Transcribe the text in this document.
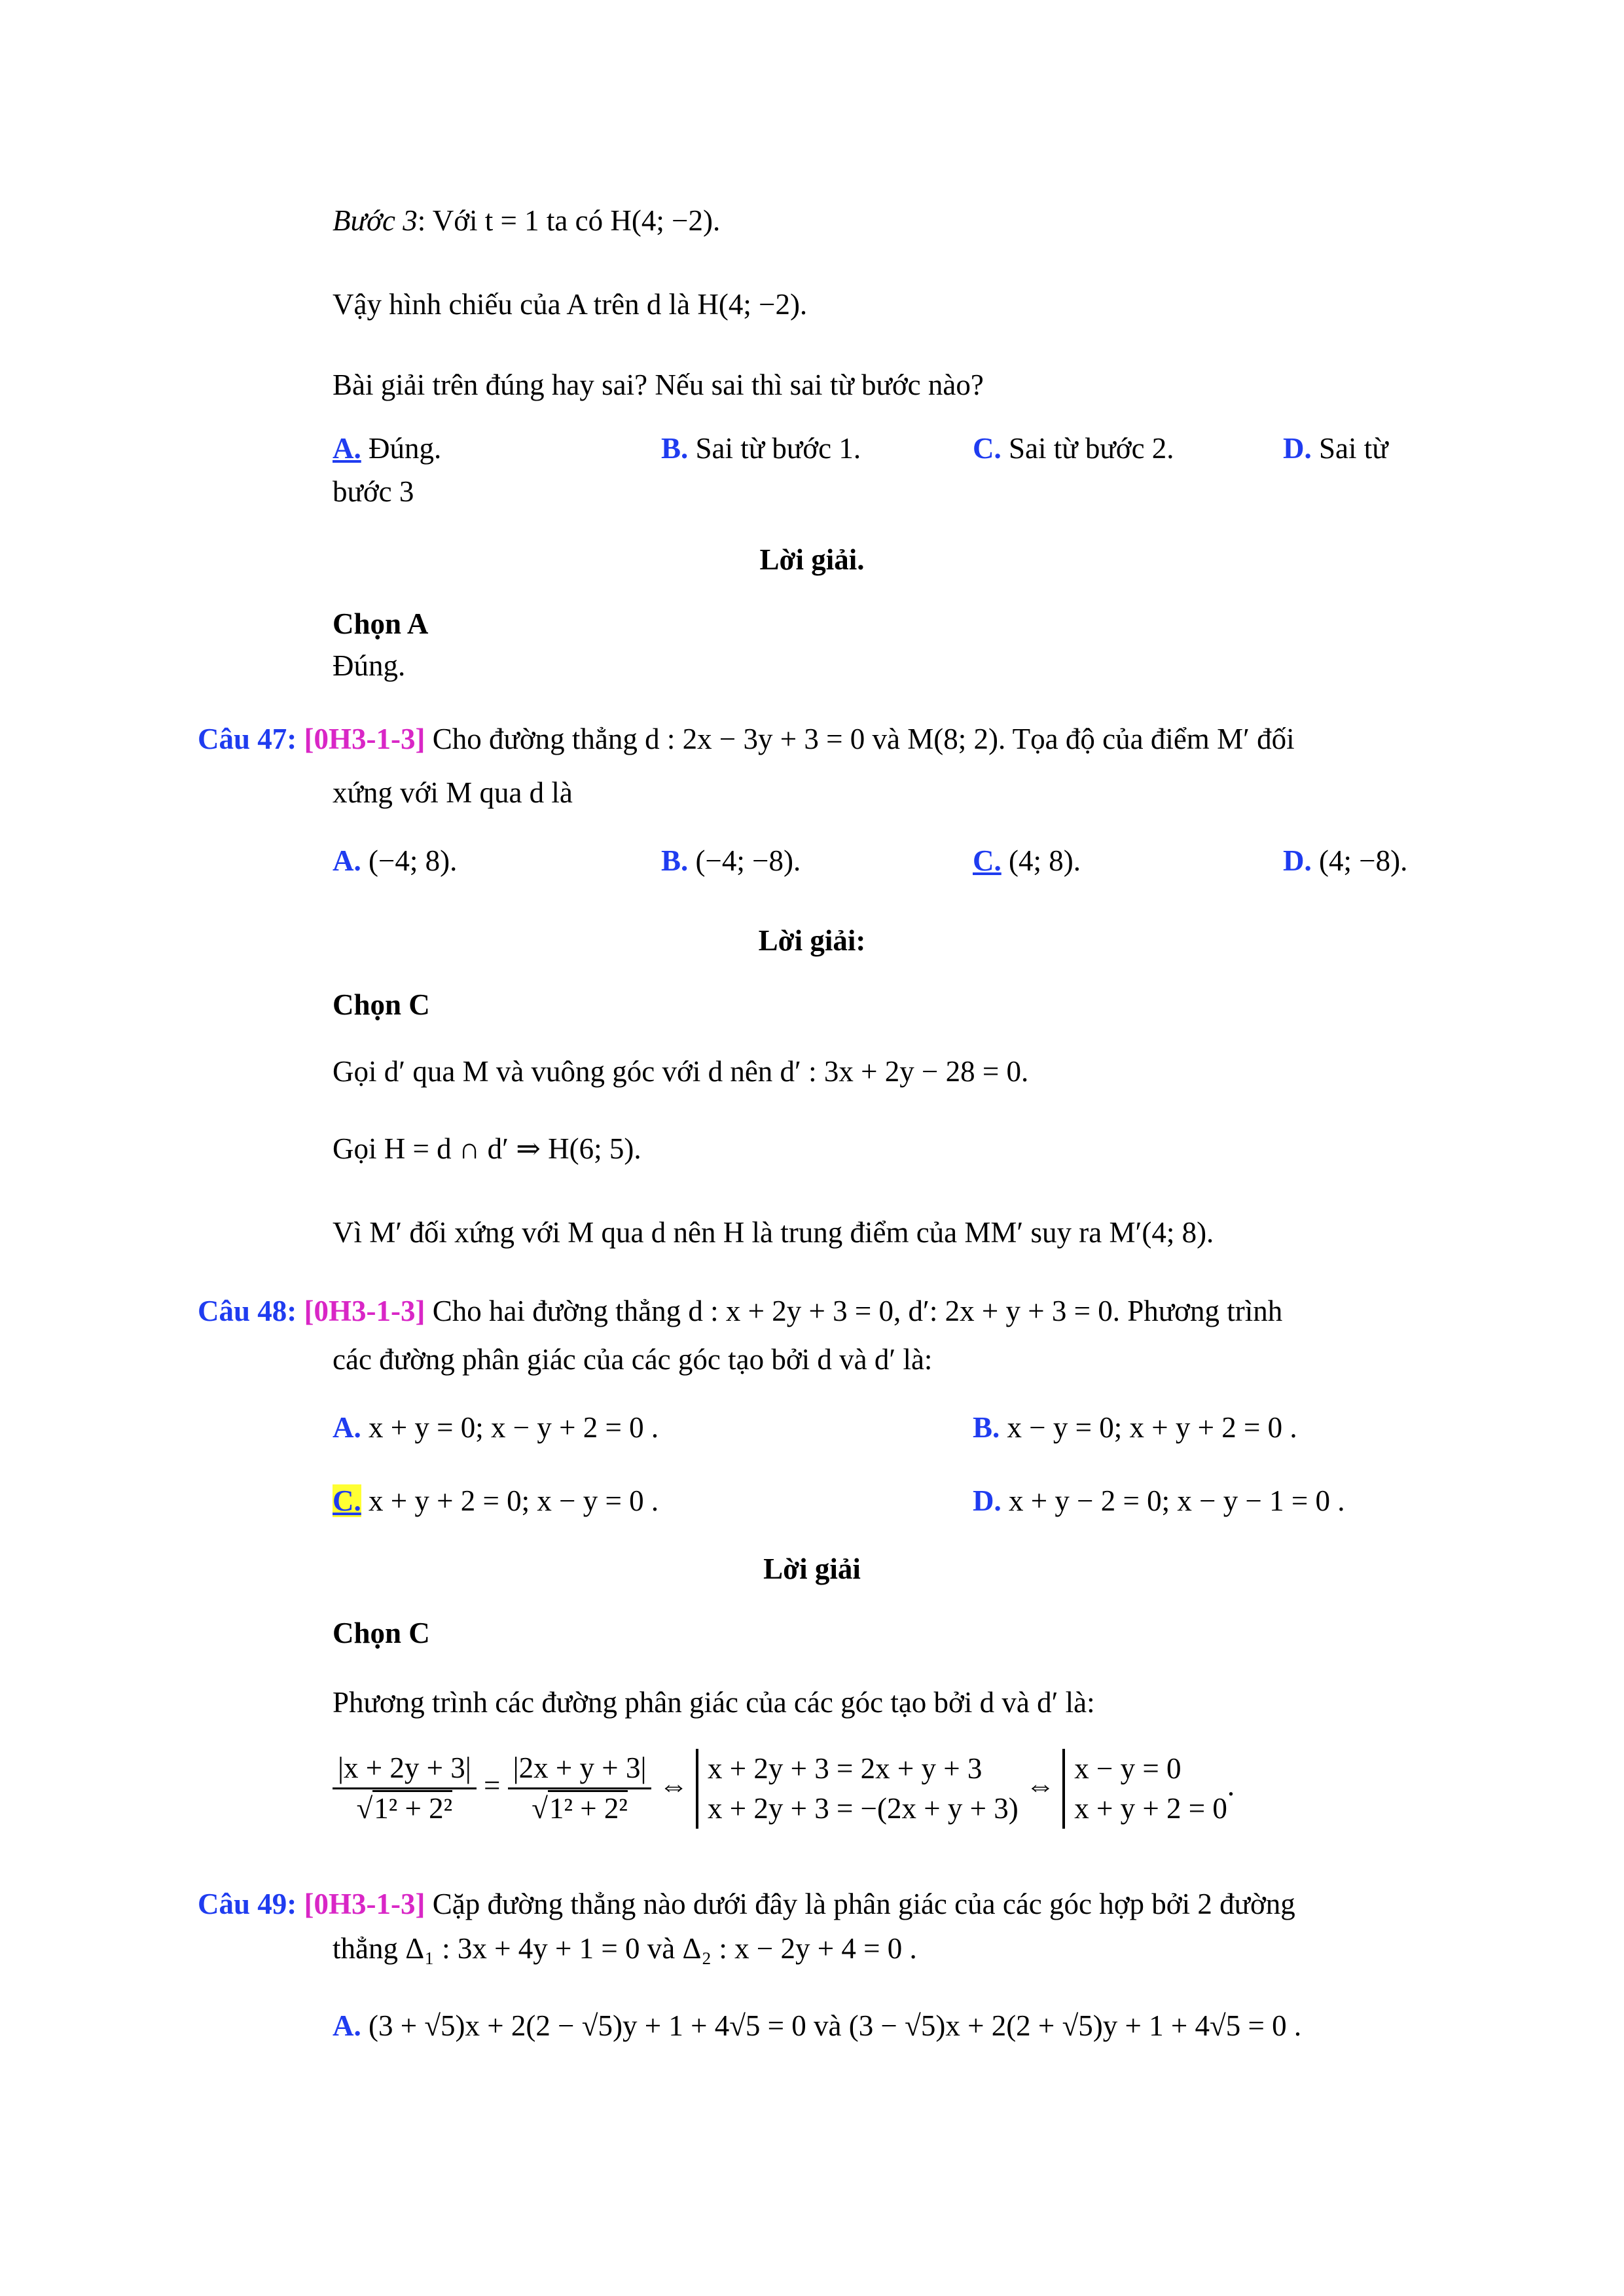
Bước 3: Với t = 1 ta có H(4; −2).
Vậy hình chiếu của A trên d là H(4; −2).
Bài giải trên đúng hay sai? Nếu sai thì sai từ bước nào?
A. Đúng.	B. Sai từ bước 1.	C. Sai từ bước 2.	D. Sai từ
bước 3
Lời giải.
Chọn A
Đúng.
Câu 47: [0H3-1-3] Cho đường thẳng d : 2x − 3y + 3 = 0 và M(8; 2). Tọa độ của điểm M′ đối
xứng với M qua d là
A. (−4; 8).	B. (−4; −8).	C. (4; 8).	D. (4; −8).
Lời giải:
Chọn C
Gọi d′ qua M và vuông góc với d nên d′ : 3x + 2y − 28 = 0.
Gọi H = d ∩ d′ ⇒ H(6; 5).
Vì M′ đối xứng với M qua d nên H là trung điểm của MM′ suy ra M′(4; 8).
Câu 48: [0H3-1-3] Cho hai đường thẳng d : x + 2y + 3 = 0, d′: 2x + y + 3 = 0. Phương trình
các đường phân giác của các góc tạo bởi d và d′ là:
A. x + y = 0; x − y + 2 = 0 .	B. x − y = 0; x + y + 2 = 0 .
C. x + y + 2 = 0; x − y = 0 .	D. x + y − 2 = 0; x − y − 1 = 0 .
Lời giải
Chọn C
Phương trình các đường phân giác của các góc tạo bởi d và d′ là:
$\frac{|x + 2y + 3|}{\text{√1² + 2²}} = \frac{|2x + y + 3|}{\text{√1² + 2²}}$ ⇔
x + 2y + 3 = 2x + y + 3
x + 2y + 3 = −(2x + y + 3)
⇔
x − y = 0
x + y + 2 = 0
.
Câu 49: [0H3-1-3] Cặp đường thẳng nào dưới đây là phân giác của các góc hợp bởi 2 đường
thẳng Δ₁ : 3x + 4y + 1 = 0 và Δ₂ : x − 2y + 4 = 0 .
A. (3 + √5)x + 2(2 − √5)y + 1 + 4√5 = 0 và (3 − √5)x + 2(2 + √5)y + 1 + 4√5 = 0 .
